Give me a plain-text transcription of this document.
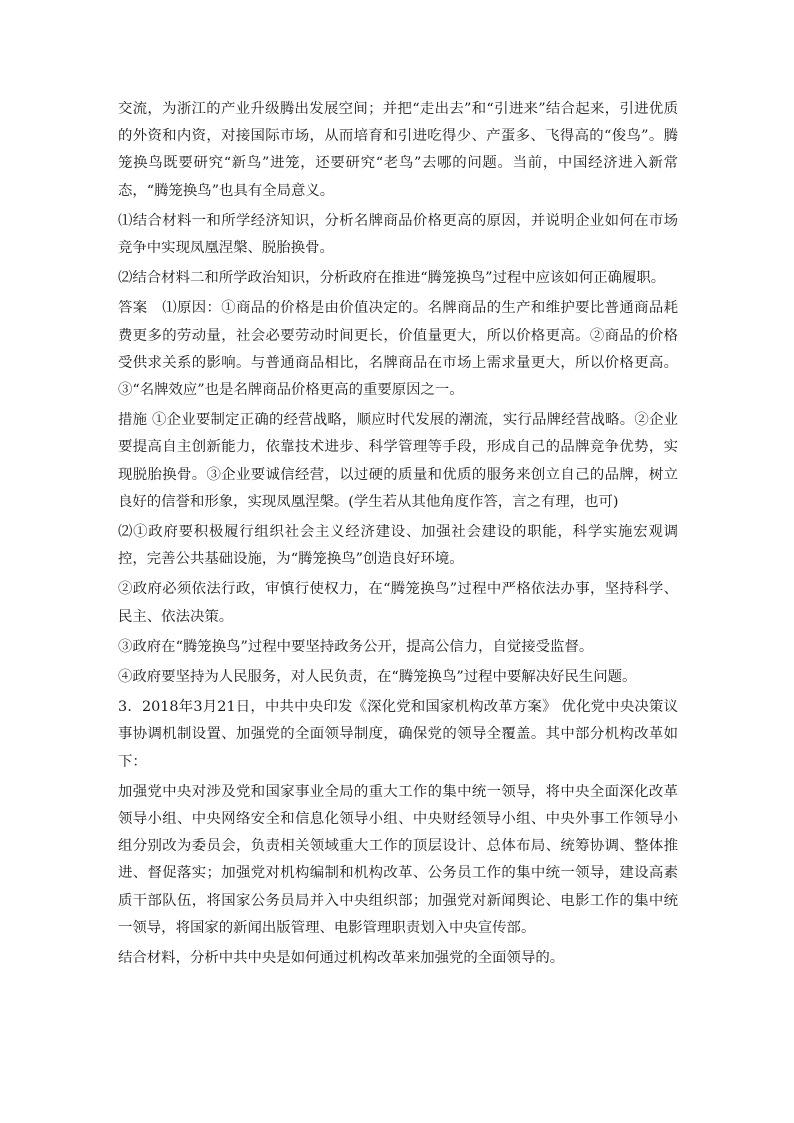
交流，为浙江的产业升级腾出发展空间；并把“走出去”和“引进来”结合起来，引进优质的外资和内资，对接国际市场，从而培育和引进吃得少、产蛋多、飞得高的“俊鸟”。腾笼换鸟既要研究“新鸟”进笼，还要研究“老鸟”去哪的问题。当前，中国经济进入新常态，“腾笼换鸟”也具有全局意义。

⑴结合材料一和所学经济知识，分析名牌商品价格更高的原因，并说明企业如何在市场竞争中实现凤凰涅槃、脱胎换骨。

⑵结合材料二和所学政治知识，分析政府在推进“腾笼换鸟”过程中应该如何正确履职。

答案　⑴原因：①商品的价格是由价值决定的。名牌商品的生产和维护要比普通商品耗费更多的劳动量，社会必要劳动时间更长，价值量更大，所以价格更高。②商品的价格受供求关系的影响。与普通商品相比，名牌商品在市场上需求量更大，所以价格更高。③“名牌效应”也是名牌商品价格更高的重要原因之一。

措施 ①企业要制定正确的经营战略，顺应时代发展的潮流，实行品牌经营战略。②企业要提高自主创新能力，依靠技术进步、科学管理等手段，形成自己的品牌竞争优势，实现脱胎换骨。③企业要诚信经营，以过硬的质量和优质的服务来创立自己的品牌，树立良好的信誉和形象，实现凤凰涅槃。(学生若从其他角度作答，言之有理，也可)

⑵①政府要积极履行组织社会主义经济建设、加强社会建设的职能，科学实施宏观调控，完善公共基础设施，为“腾笼换鸟”创造良好环境。

②政府必须依法行政，审慎行使权力，在“腾笼换鸟”过程中严格依法办事，坚持科学、民主、依法决策。

③政府在“腾笼换鸟”过程中要坚持政务公开，提高公信力，自觉接受监督。

④政府要坚持为人民服务，对人民负责，在“腾笼换鸟”过程中要解决好民生问题。

3．2018年3月21日，中共中央印发《深化党和国家机构改革方案》 优化党中央决策议事协调机制设置、加强党的全面领导制度，确保党的领导全覆盖。其中部分机构改革如下：

加强党中央对涉及党和国家事业全局的重大工作的集中统一领导，将中央全面深化改革领导小组、中央网络安全和信息化领导小组、中央财经领导小组、中央外事工作领导小组分别改为委员会，负责相关领域重大工作的顶层设计、总体布局、统筹协调、整体推进、督促落实；加强党对机构编制和机构改革、公务员工作的集中统一领导，建设高素质干部队伍，将国家公务员局并入中央组织部；加强党对新闻舆论、电影工作的集中统一领导，将国家的新闻出版管理、电影管理职责划入中央宣传部。

结合材料，分析中共中央是如何通过机构改革来加强党的全面领导的。
